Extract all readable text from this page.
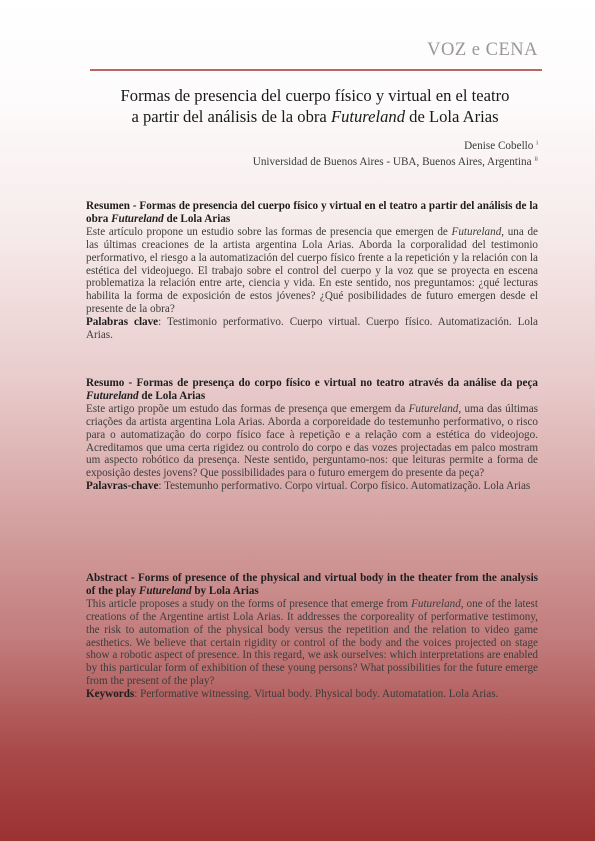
VOZ e CENA
Formas de presencia del cuerpo físico y virtual en el teatro
a partir del análisis de la obra Futureland de Lola Arias
Denise Cobello $^i$
Universidad de Buenos Aires - UBA, Buenos Aires, Argentina $^{ii}$

Resumen - Formas de presencia del cuerpo físico y virtual en el teatro a partir del análisis de la obra Futureland de Lola Arias

Este artículo propone un estudio sobre las formas de presencia que emergen de Futureland, una de las últimas creaciones de la artista argentina Lola Arias. Aborda la corporalidad del testimonio performativo, el riesgo a la automatización del cuerpo físico frente a la repetición y la relación con la estética del videojuego. El trabajo sobre el control del cuerpo y la voz que se proyecta en escena problematiza la relación entre arte, ciencia y vida. En este sentido, nos preguntamos: ¿qué lecturas habilita la forma de exposición de estos jóvenes? ¿Qué posibilidades de futuro emergen desde el presente de la obra?

Palabras clave: Testimonio performativo. Cuerpo virtual. Cuerpo físico. Automatización. Lola Arias.

Resumo - Formas de presença do corpo físico e virtual no teatro através da análise da peça Futureland de Lola Arias

Este artigo propõe um estudo das formas de presença que emergem da Futureland, uma das últimas criações da artista argentina Lola Arias. Aborda a corporeidade do testemunho performativo, o risco para o automatização do corpo físico face à repetição e a relação com a estética do videojogo. Acreditamos que uma certa rigidez ou controlo do corpo e das vozes projectadas em palco mostram um aspecto robótico da presença. Neste sentido, perguntamo-nos: que leituras permite a forma de exposição destes jovens? Que possibilidades para o futuro emergem do presente da peça?

Palavras-chave: Testemunho performativo. Corpo virtual. Corpo físico. Automatização. Lola Arias

Abstract - Forms of presence of the physical and virtual body in the theater from the analysis of the play Futureland by Lola Arias

This article proposes a study on the forms of presence that emerge from Futureland, one of the latest creations of the Argentine artist Lola Arias. It addresses the corporeality of performative testimony, the risk to automation of the physical body versus the repetition and the relation to video game aesthetics. We believe that certain rigidity or control of the body and the voices projected on stage show a robotic aspect of presence. In this regard, we ask ourselves: which interpretations are enabled by this particular form of exhibition of these young persons? What possibilities for the future emerge from the present of the play?

Keywords: Performative witnessing. Virtual body. Physical body. Automatation. Lola Arias.
